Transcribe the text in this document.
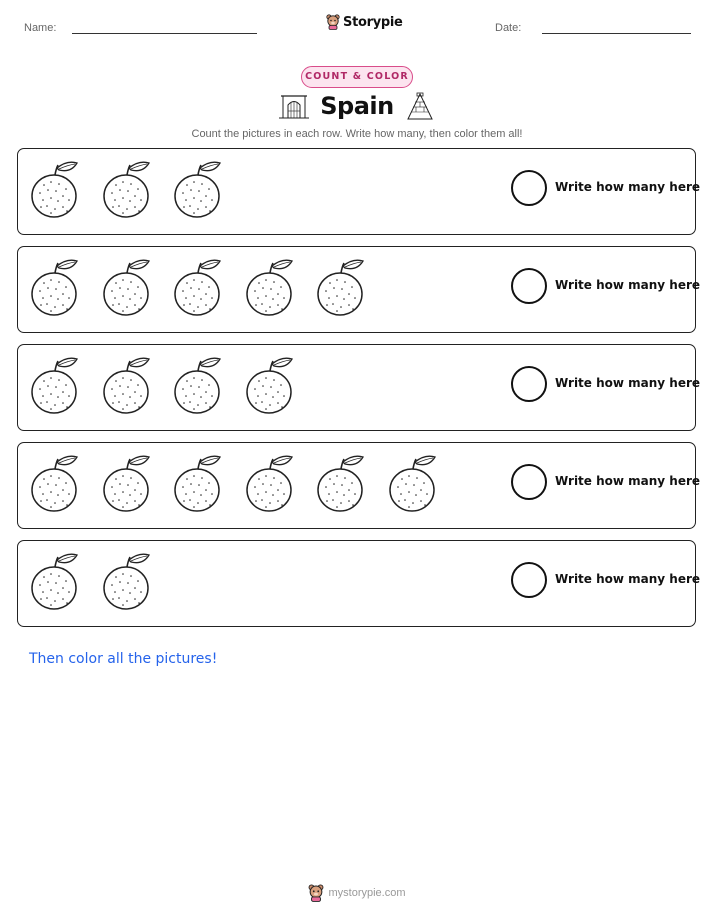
Name:	Storypie	Date:
COUNT & COLOR
Spain
Count the pictures in each row. Write how many, then color them all!
Write how many here
Write how many here
Write how many here
Write how many here
Write how many here
Then color all the pictures!
mystorypie.com
